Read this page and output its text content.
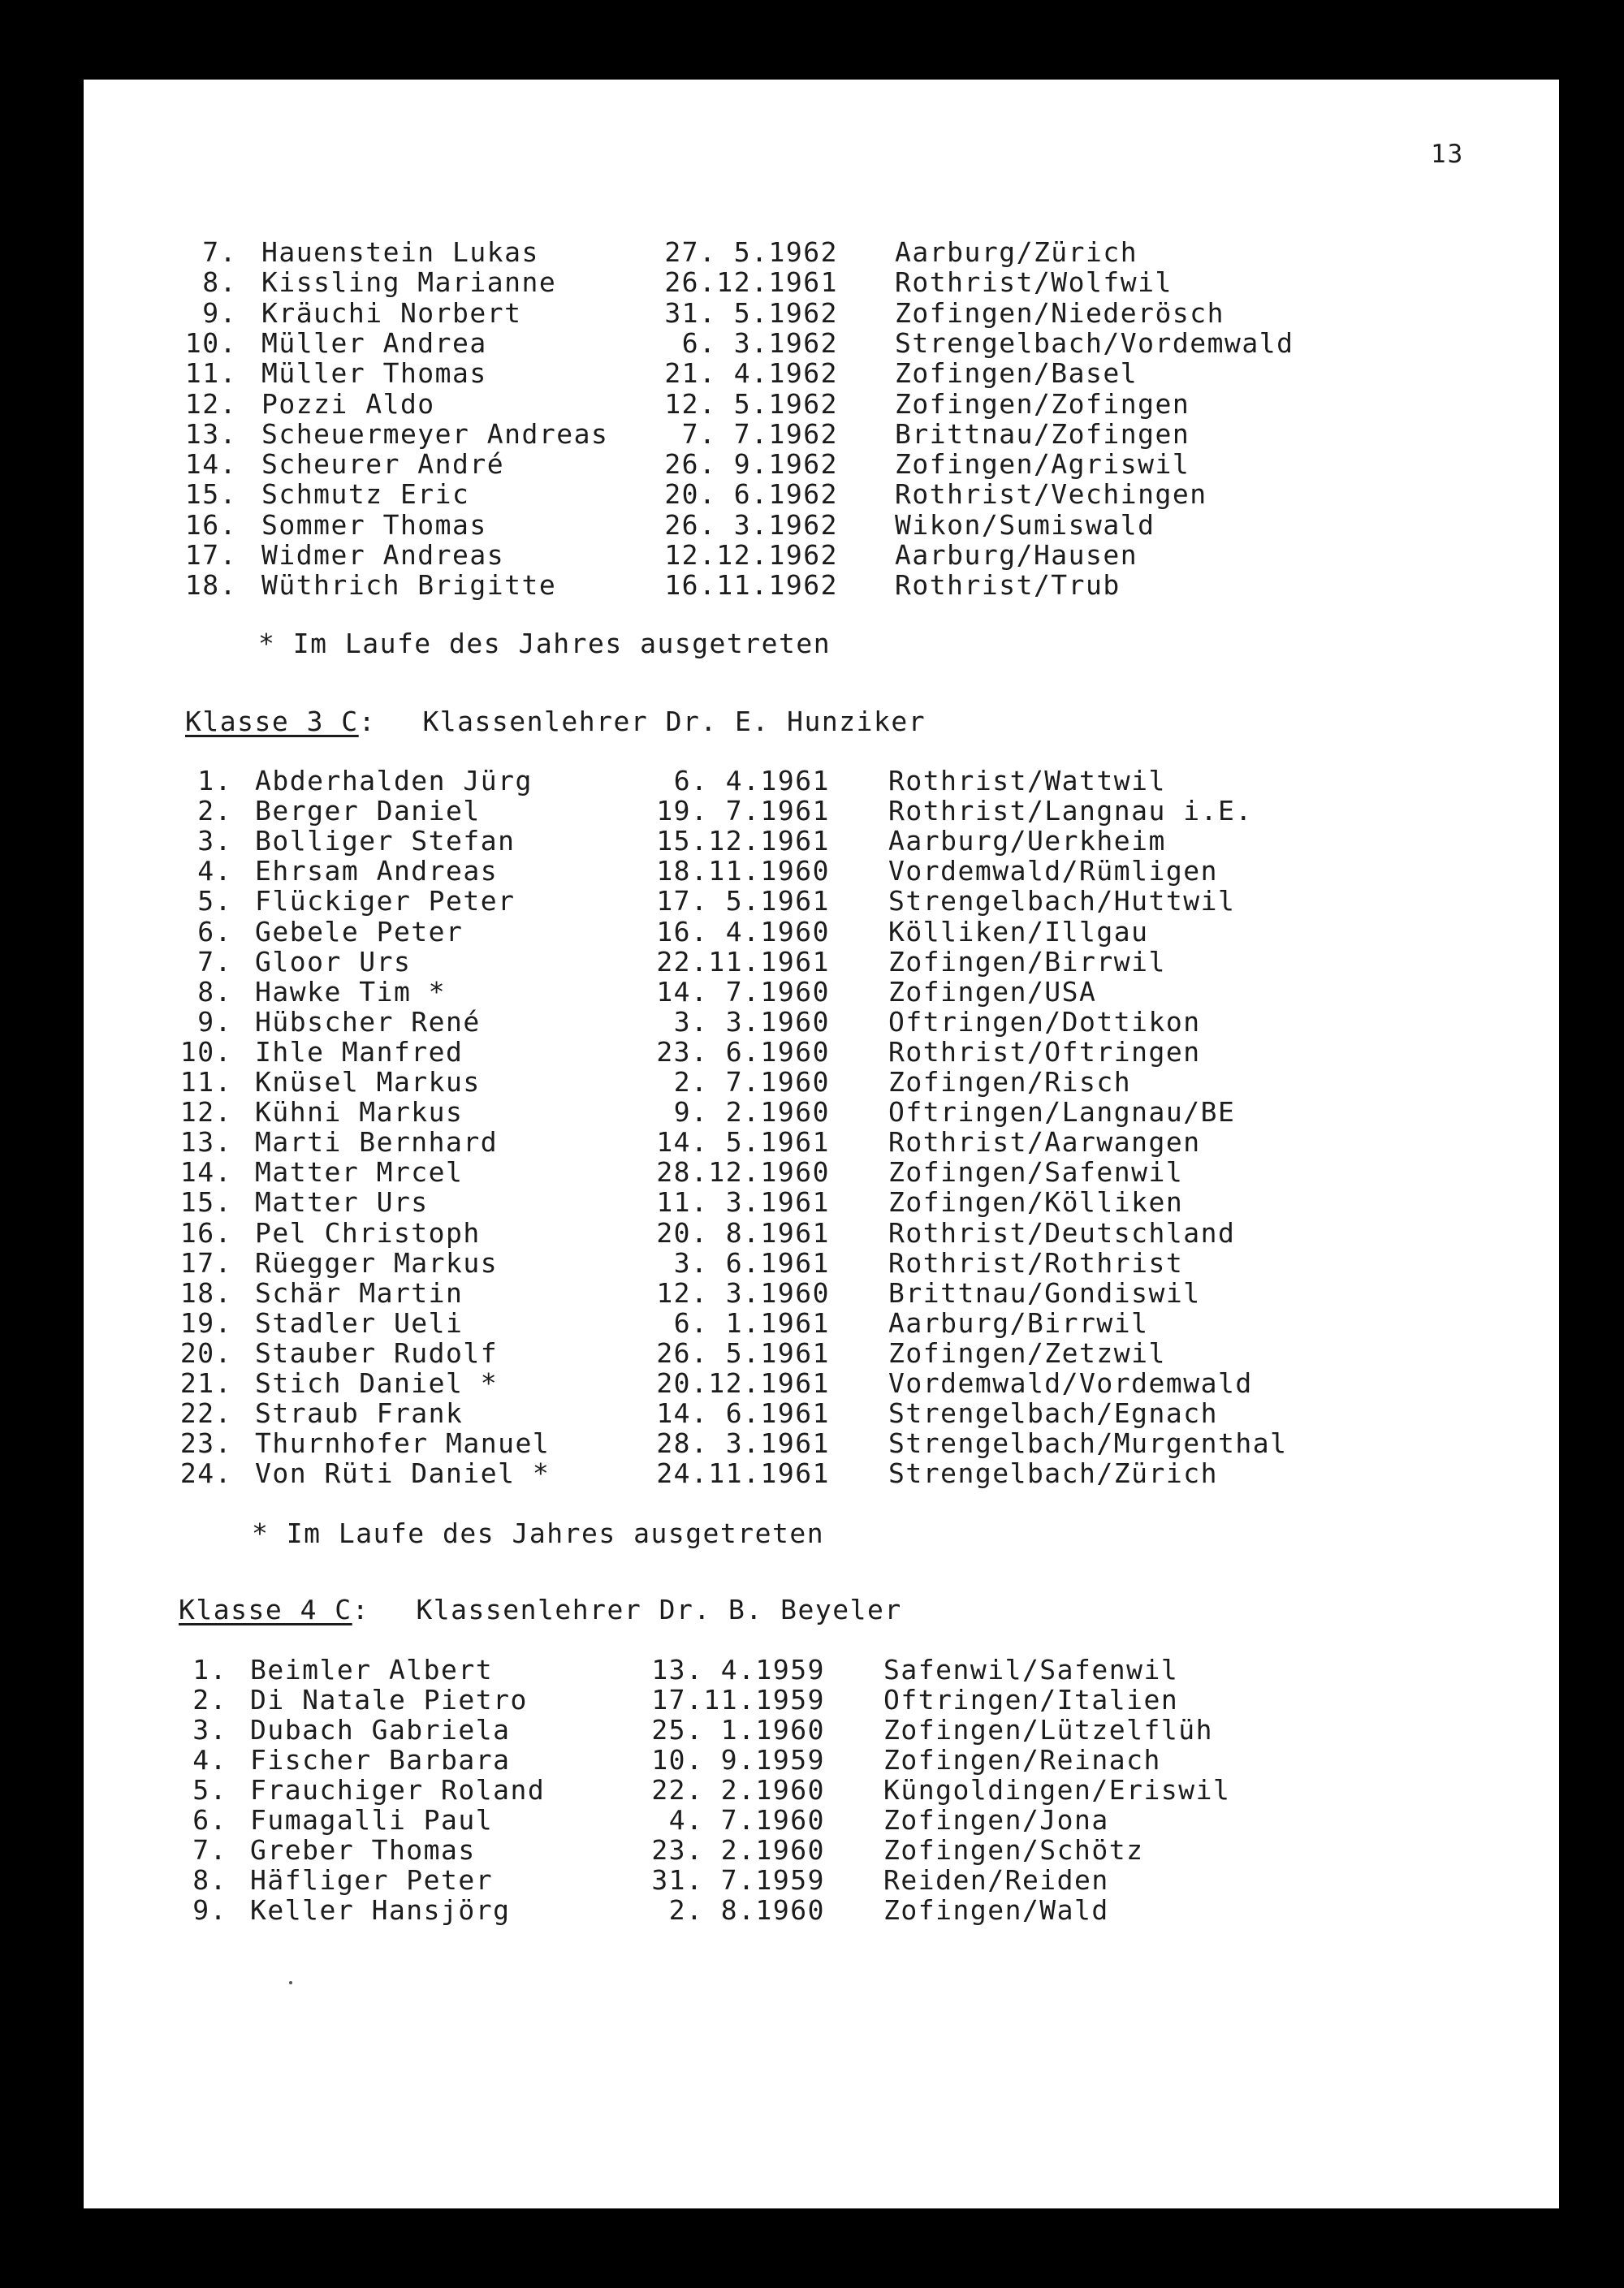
13
7. Hauenstein Lukas	27. 5.1962 Aarburg/Zürich
8. Kissling Marianne	26.12.1961 Rothrist/Wolfwil
9. Kräuchi Norbert	31. 5.1962 Zofingen/Niederösch
10. Müller Andrea	6. 3.1962 Strengelbach/Vordemwald
11. Müller Thomas	21. 4.1962 Zofingen/Basel
12. Pozzi Aldo	12. 5.1962 Zofingen/Zofingen
13. Scheuermeyer Andreas	7. 7.1962 Brittnau/Zofingen
14. Scheurer André	26. 9.1962 Zofingen/Agriswil
15. Schmutz Eric	20. 6.1962 Rothrist/Vechingen
16. Sommer Thomas	26. 3.1962 Wikon/Sumiswald
17. Widmer Andreas	12.12.1962 Aarburg/Hausen
18. Wüthrich Brigitte	16.11.1962 Rothrist/Trub
* Im Laufe des Jahres ausgetreten
Klasse 3 C: Klassenlehrer Dr. E. Hunziker
1. Abderhalden Jürg	6. 4.1961 Rothrist/Wattwil
2. Berger Daniel	19. 7.1961 Rothrist/Langnau i.E.
3. Bolliger Stefan	15.12.1961 Aarburg/Uerkheim
4. Ehrsam Andreas	18.11.1960 Vordemwald/Rümligen
5. Flückiger Peter	17. 5.1961 Strengelbach/Huttwil
6. Gebele Peter	16. 4.1960 Kölliken/Illgau
7. Gloor Urs	22.11.1961 Zofingen/Birrwil
8. Hawke Tim *	14. 7.1960 Zofingen/USA
9. Hübscher René	3. 3.1960 Oftringen/Dottikon
10. Ihle Manfred	23. 6.1960 Rothrist/Oftringen
11. Knüsel Markus	2. 7.1960 Zofingen/Risch
12. Kühni Markus	9. 2.1960 Oftringen/Langnau/BE
13. Marti Bernhard	14. 5.1961 Rothrist/Aarwangen
14. Matter Mrcel	28.12.1960 Zofingen/Safenwil
15. Matter Urs	11. 3.1961 Zofingen/Kölliken
16. Pel Christoph	20. 8.1961 Rothrist/Deutschland
17. Rüegger Markus	3. 6.1961 Rothrist/Rothrist
18. Schär Martin	12. 3.1960 Brittnau/Gondiswil
19. Stadler Ueli	6. 1.1961 Aarburg/Birrwil
20. Stauber Rudolf	26. 5.1961 Zofingen/Zetzwil
21. Stich Daniel *	20.12.1961 Vordemwald/Vordemwald
22. Straub Frank	14. 6.1961 Strengelbach/Egnach
23. Thurnhofer Manuel	28. 3.1961 Strengelbach/Murgenthal
24. Von Rüti Daniel *	24.11.1961 Strengelbach/Zürich
* Im Laufe des Jahres ausgetreten
Klasse 4 C: Klassenlehrer Dr. B. Beyeler
1. Beimler Albert	13. 4.1959 Safenwil/Safenwil
2. Di Natale Pietro	17.11.1959 Oftringen/Italien
3. Dubach Gabriela	25. 1.1960 Zofingen/Lützelflüh
4. Fischer Barbara	10. 9.1959 Zofingen/Reinach
5. Frauchiger Roland	22. 2.1960 Küngoldingen/Eriswil
6. Fumagalli Paul	4. 7.1960 Zofingen/Jona
7. Greber Thomas	23. 2.1960 Zofingen/Schötz
8. Häfliger Peter	31. 7.1959 Reiden/Reiden
9. Keller Hansjörg	2. 8.1960 Zofingen/Wald
